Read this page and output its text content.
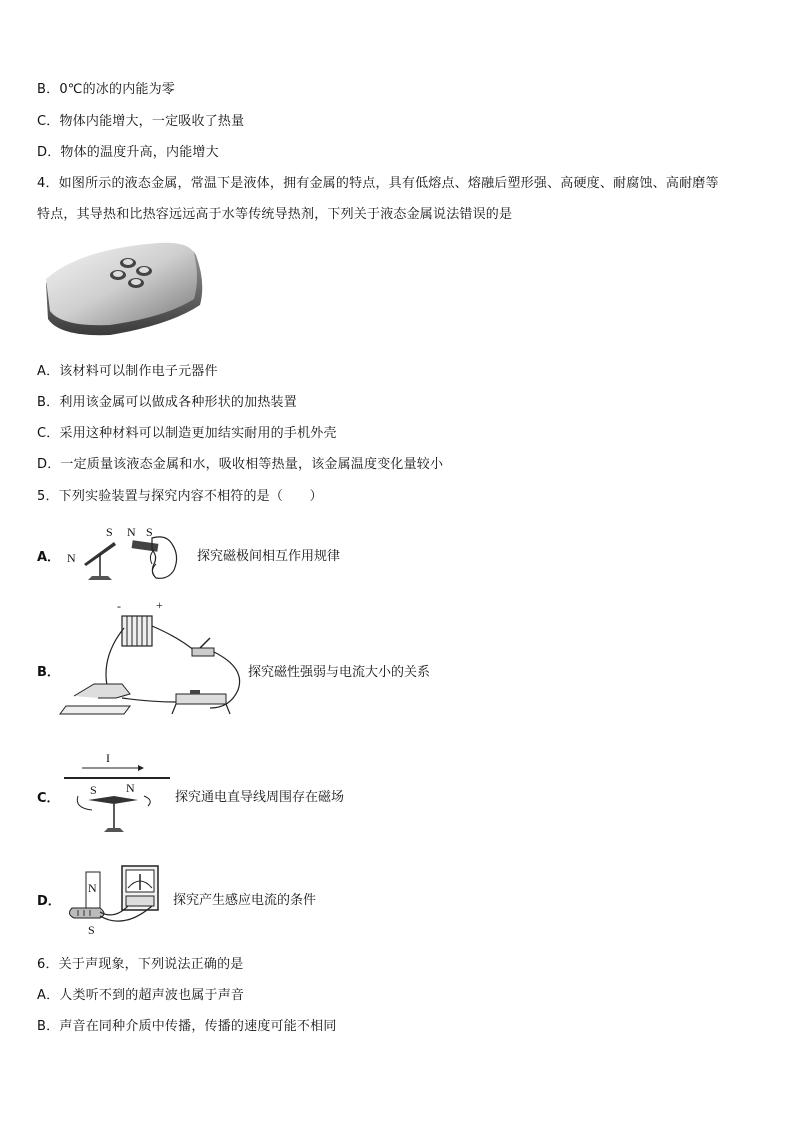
B．0℃的冰的内能为零
C．物体内能增大，一定吸收了热量
D．物体的温度升高，内能增大
4．如图所示的液态金属，常温下是液体，拥有金属的特点，具有低熔点、熔融后塑形强、高硬度、耐腐蚀、高耐磨等
特点，其导热和比热容远远高于水等传统导热剂，下列关于液态金属说法错误的是
A．该材料可以制作电子元器件
B．利用该金属可以做成各种形状的加热装置
C．采用这种材料可以制造更加结实耐用的手机外壳
D．一定质量该液态金属和水，吸收相等热量，该金属温度变化量较小
5．下列实验装置与探究内容不相符的是（　　）
A． N
S N S
探究磁极间相互作用规律
B．
-	+
探究磁性强弱与电流大小的关系
C．
I
S N
探究通电直导线周围存在磁场
D．
N
S
探究产生感应电流的条件
6．关于声现象，下列说法正确的是
A．人类听不到的超声波也属于声音
B．声音在同种介质中传播，传播的速度可能不相同
